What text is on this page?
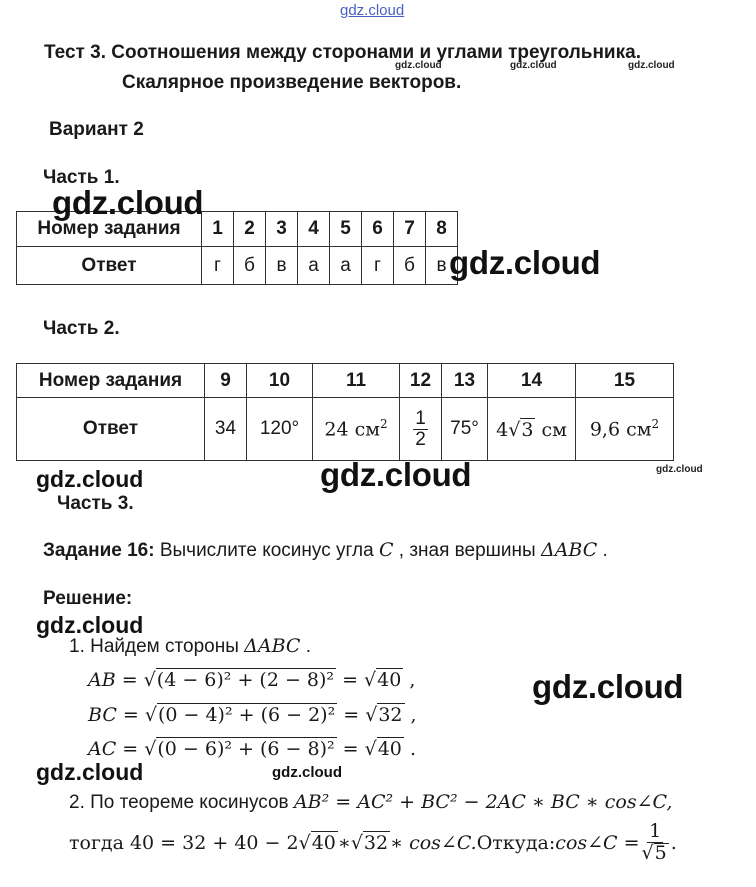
gdz.cloud
Тест 3. Соотношения между сторонами и углами треугольника.
Скалярное произведение векторов.
gdz.cloud	gdz.cloud	gdz.cloud
Вариант 2
Часть 1.
Номер задания	1	2	3	4	5	6	7	8
Ответ	г	б	в	а	а	г	б	в
gdz.cloud
gdz.cloud
Часть 2.
Номер задания	9	10	11	12	13	14	15
Ответ	34	120°	24 $см^2$	$\frac{1}{2}$	75°	4√ 3 см	9,6 $см^2$
gdz.cloud
gdz.cloud
gdz.cloud
Часть 3.
Задание 16: Вычислите косинус угла C , зная вершины ΔABC .
Решение:
gdz.cloud
1. Найдем стороны ΔABC .
AB = √ (4 − 6)² + (2 − 8)² = √ 40 ,	gdz.cloud
BC = √ (0 − 4)² + (6 − 2)² = √ 32 ,
AC = √ (0 − 6)² + (6 − 8)² = √ 40 .
gdz.cloud	gdz.cloud
2. По теореме косинусов AB² = AC² + BC² − 2AC ∗ BC ∗ cos∠C,
тогда 40 = 32 + 40 − 2 √ 40 ∗ √ 32 ∗ cos∠C. Откуда: cos∠C = $\frac{1}{√ 5}$ .
